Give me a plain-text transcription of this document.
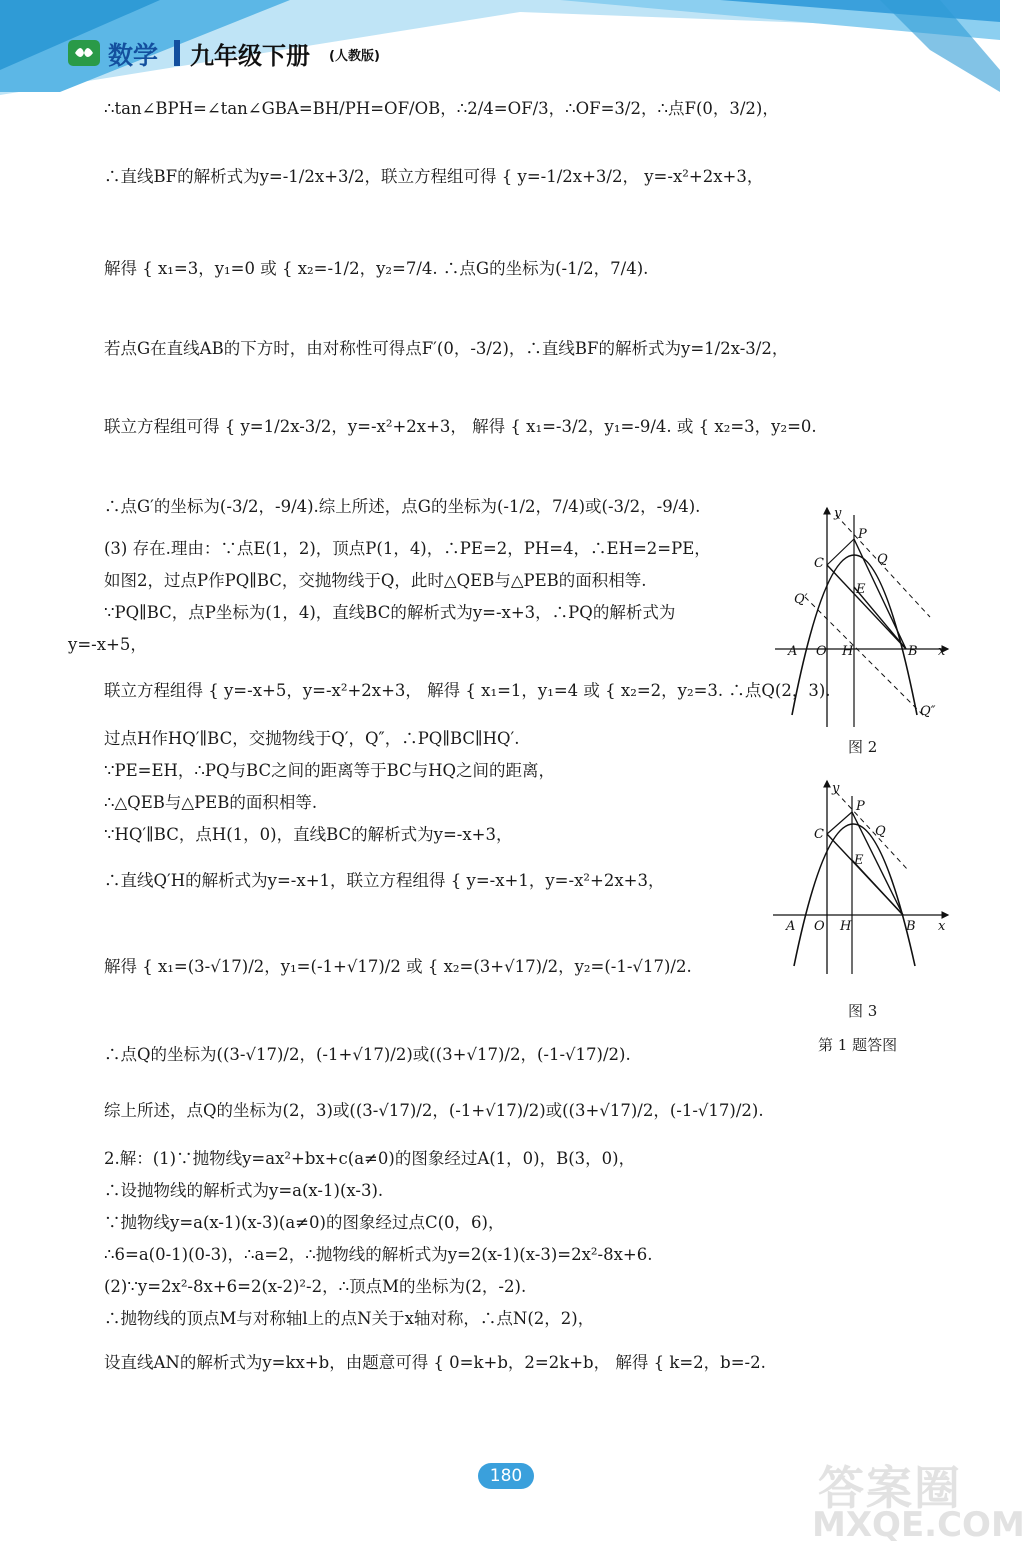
数学 九年级下册 (人教版)
∴tan∠BPH=∠tan∠GBA=BH/PH=OF/OB，∴2/4=OF/3，∴OF=3/2，∴点F(0，3/2)，
∴直线BF的解析式为y=-1/2x+3/2，联立方程组可得 { y=-1/2x+3/2， y=-x²+2x+3，
解得 { x₁=3，y₁=0 或 { x₂=-1/2，y₂=7/4. ∴点G的坐标为(-1/2，7/4).
若点G在直线AB的下方时，由对称性可得点F′(0，-3/2)，∴直线BF的解析式为y=1/2x-3/2，
联立方程组可得 { y=1/2x-3/2，y=-x²+2x+3， 解得 { x₁=-3/2，y₁=-9/4. 或 { x₂=3，y₂=0.
∴点G′的坐标为(-3/2，-9/4).综上所述，点G的坐标为(-1/2，7/4)或(-3/2，-9/4).
(3) 存在.理由：∵点E(1，2)，顶点P(1，4)，∴PE=2，PH=4，∴EH=2=PE，
如图2，过点P作PQ∥BC，交抛物线于Q，此时△QEB与△PEB的面积相等.
∵PQ∥BC，点P坐标为(1，4)，直线BC的解析式为y=-x+3，∴PQ的解析式为
y=-x+5，
联立方程组得 { y=-x+5，y=-x²+2x+3， 解得 { x₁=1，y₁=4 或 { x₂=2，y₂=3. ∴点Q(2，3).
过点H作HQ′∥BC，交抛物线于Q′，Q″，∴PQ∥BC∥HQ′.
∵PE=EH，∴PQ与BC之间的距离等于BC与HQ之间的距离，
∴△QEB与△PEB的面积相等.
∵HQ′∥BC，点H(1，0)，直线BC的解析式为y=-x+3，
∴直线Q′H的解析式为y=-x+1，联立方程组得 { y=-x+1，y=-x²+2x+3，
解得 { x₁=(3-√17)/2，y₁=(-1+√17)/2 或 { x₂=(3+√17)/2，y₂=(-1-√17)/2.
∴点Q的坐标为((3-√17)/2，(-1+√17)/2)或((3+√17)/2，(-1-√17)/2).
综上所述，点Q的坐标为(2，3)或((3-√17)/2，(-1+√17)/2)或((3+√17)/2，(-1-√17)/2).
2.解：(1)∵抛物线y=ax²+bx+c(a≠0)的图象经过A(1，0)，B(3，0)，
∴设抛物线的解析式为y=a(x-1)(x-3).
∵抛物线y=a(x-1)(x-3)(a≠0)的图象经过点C(0，6)，
∴6=a(0-1)(0-3)，∴a=2，∴抛物线的解析式为y=2(x-1)(x-3)=2x²-8x+6.
(2)∵y=2x²-8x+6=2(x-2)²-2，∴顶点M的坐标为(2，-2).
∴抛物线的顶点M与对称轴l上的点N关于x轴对称，∴点N(2，2)，
设直线AN的解析式为y=kx+b，由题意可得 { 0=k+b，2=2k+b， 解得 { k=2，b=-2.
y
x
P
Q
C
E
Q′
A O H	B
Q″
图 2
y
x
P
Q
C
E
A O H	B
图 3
第 1 题答图
180	答案圈
MXQE.COM
